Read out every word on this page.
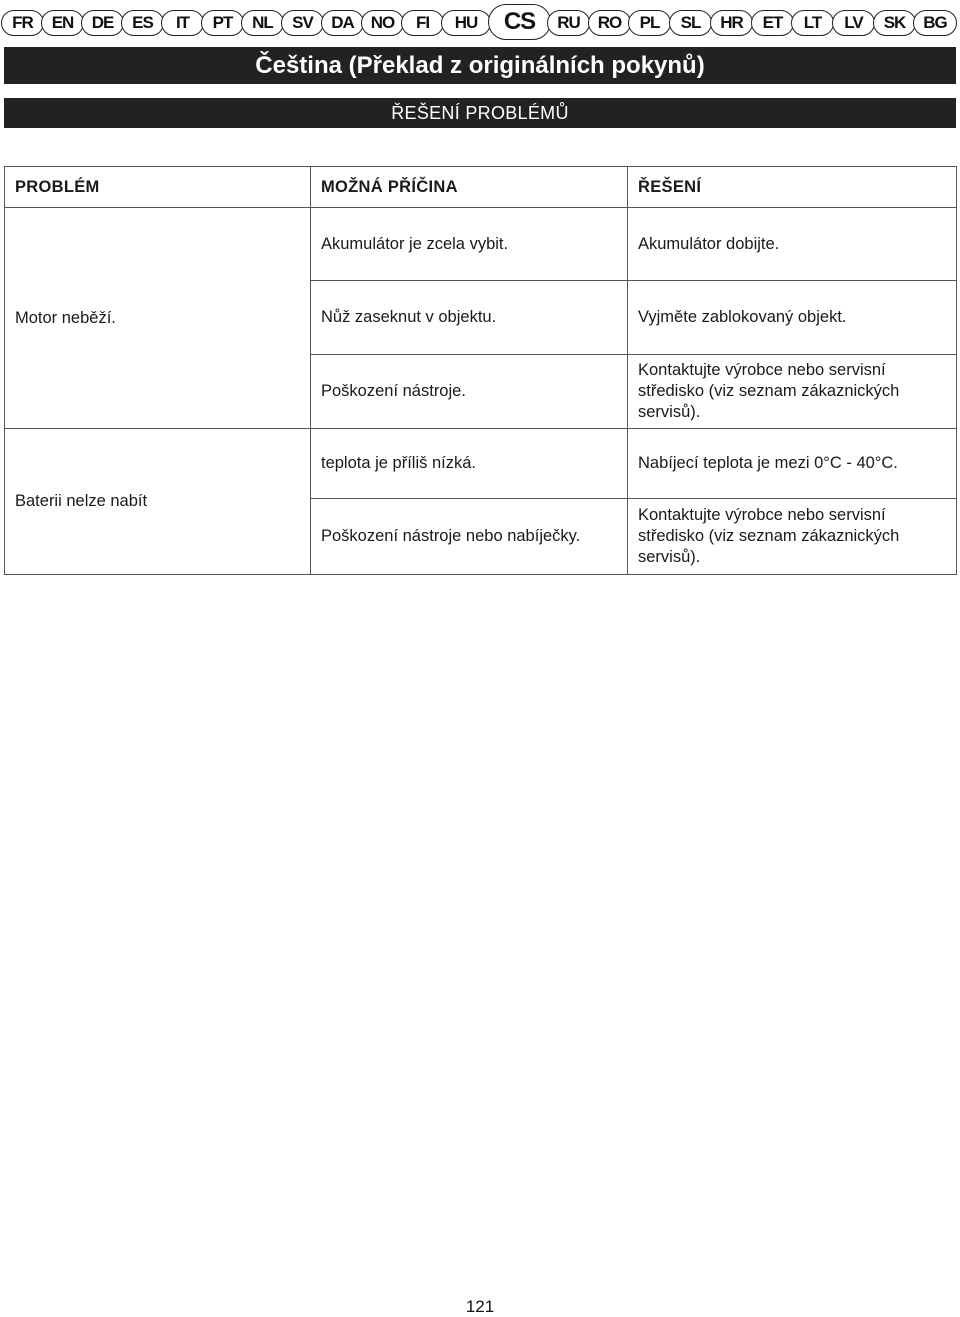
FR	EN	DE	ES	IT	PT	NL	SV	DA NO	FI	HU	CS	RU	RO	PL	SL	HR	ET	LT	LV	SK	BG
Čeština (Překlad z originálních pokynů)
ŘEŠENÍ PROBLÉMŮ
PROBLÉM	MOŽNÁ PŘÍČINA	ŘEŠENÍ
Motor neběží.	Akumulátor je zcela vybit.	Akumulátor dobijte.
	Nůž zaseknut v objektu.	Vyjměte zablokovaný objekt.
	Poškození nástroje.	Kontaktujte výrobce nebo servisní středisko (viz seznam zákaznických servisů).
Baterii nelze nabít	teplota je příliš nízká.	Nabíjecí teplota je mezi 0°C - 40°C.
	Poškození nástroje nebo nabíječky.	Kontaktujte výrobce nebo servisní středisko (viz seznam zákaznických servisů).
121
